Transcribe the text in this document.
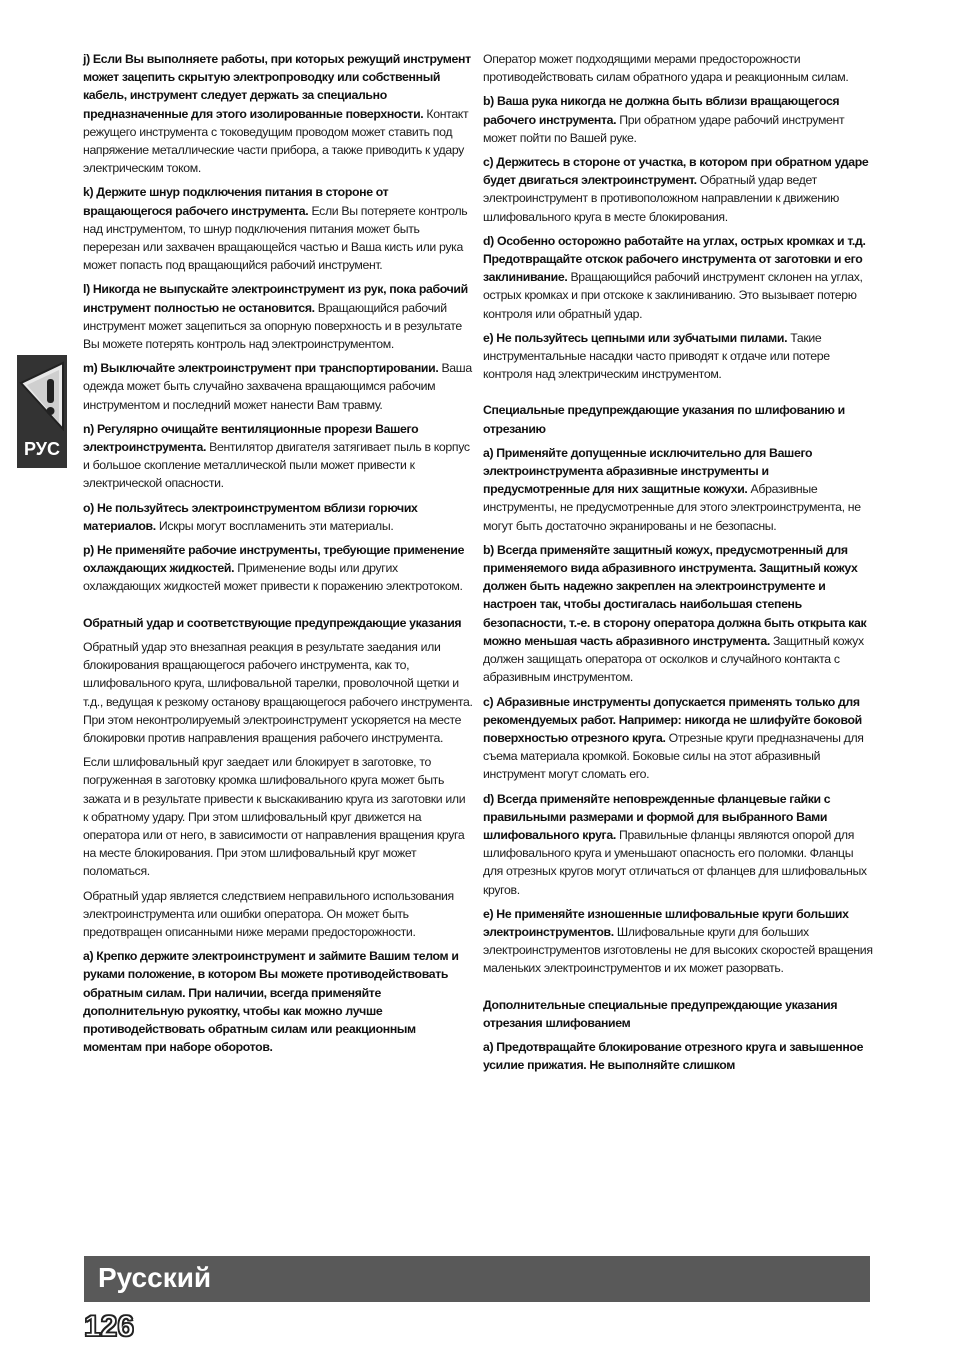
РУС
j) Если Вы выполняете работы, при которых режущий инструмент может зацепить скрытую электропроводку или собственный кабель, инструмент следует держать за специально предназначенные для этого изолированные поверхности. Контакт режущего инструмента с токоведущим проводом может ставить под напряжение металлические части прибора, а также приводить к удару электрическим током.
k) Держите шнур подключения питания в стороне от вращающегося рабочего инструмента. Если Вы потеряете контроль над инструментом, то шнур подключения питания может быть перерезан или захвачен вращающейся частью и Ваша кисть или рука может попасть под вращающийся рабочий инструмент.
l) Никогда не выпускайте электроинструмент из рук, пока рабочий инструмент полностью не остановится. Вращающийся рабочий инструмент может зацепиться за опорную поверхность и в результате Вы можете потерять контроль над электроинструментом.
m) Выключайте электроинструмент при транспортировании. Ваша одежда может быть случайно захвачена вращающимся рабочим инструментом и последний может нанести Вам травму.
n) Регулярно очищайте вентиляционные прорези Вашего электроинструмента. Вентилятор двигателя затягивает пыль в корпус и большое скопление металлической пыли может привести к электрической опасности.
o) Не пользуйтесь электроинструментом вблизи горючих материалов. Искры могут воспламенить эти материалы.
p) Не применяйте рабочие инструменты, требующие применение охлаждающих жидкостей. Применение воды или других охлаждающих жидкостей может привести к поражению электротоком.
Обратный удар и соответствующие предупреждающие указания
Обратный удар это внезапная реакция в результате заедания или блокирования вращающегося рабочего инструмента, как то, шлифовального круга, шлифовальной тарелки, проволочной щетки и т.д., ведущая к резкому останову вращающегося рабочего инструмента. При этом неконтролируемый электроинструмент ускоряется на месте блокировки против направления вращения рабочего инструмента.
Если шлифовальный круг заедает или блокирует в заготовке, то погруженная в заготовку кромка шлифовального круга может быть зажата и в результате привести к выскакиванию круга из заготовки или к обратному удару. При этом шлифовальный круг движется на оператора или от него, в зависимости от направления вращения круга на месте блокирования. При этом шлифовальный круг может поломаться.
Обратный удар является следствием неправильного использования электроинструмента или ошибки оператора. Он может быть предотвращен описанными ниже мерами предосторожности.
a) Крепко держите электроинструмент и займите Вашим телом и руками положение, в котором Вы можете противодействовать обратным силам. При наличии, всегда применяйте дополнительную рукоятку, чтобы как можно лучше противодействовать обратным силам или реакционным моментам при наборе оборотов.
Оператор может подходящими мерами предосторожности противодействовать силам обратного удара и реакционным силам.
b) Ваша рука никогда не должна быть вблизи вращающегося рабочего инструмента. При обратном ударе рабочий инструмент может пойти по Вашей руке.
c) Держитесь в стороне от участка, в котором при обратном ударе будет двигаться электроинструмент. Обратный удар ведет электроинструмент в противоположном направлении к движению шлифовального круга в месте блокирования.
d) Особенно осторожно работайте на углах, острых кромках и т.д. Предотвращайте отскок рабочего инструмента от заготовки и его заклинивание. Вращающийся рабочий инструмент склонен на углах, острых кромках и при отскоке к заклиниванию. Это вызывает потерю контроля или обратный удар.
e) Не пользуйтесь цепными или зубчатыми пилами. Такие инструментальные насадки часто приводят к отдаче или потере контроля над электрическим инструментом.
Специальные предупреждающие указания по шлифованию и отрезанию
a) Применяйте допущенные исключительно для Вашего электроинструмента абразивные инструменты и предусмотренные для них защитные кожухи. Абразивные инструменты, не предусмотренные для этого электроинструмента, не могут быть достаточно экранированы и не безопасны.
b) Всегда применяйте защитный кожух, предусмотренный для применяемого вида абразивного инструмента. Защитный кожух должен быть надежно закреплен на электроинструменте и настроен так, чтобы достигалась наибольшая степень безопасности, т.-е. в сторону оператора должна быть открыта как можно меньшая часть абразивного инструмента. Защитный кожух должен защищать оператора от осколков и случайного контакта с абразивным инструментом.
c) Абразивные инструменты допускается применять только для рекомендуемых работ. Например: никогда не шлифуйте боковой поверхностью отрезного круга. Отрезные круги предназначены для съема материала кромкой. Боковые силы на этот абразивный инструмент могут сломать его.
d) Всегда применяйте неповрежденные фланцевые гайки с правильными размерами и формой для выбранного Вами шлифовального круга. Правильные фланцы являются опорой для шлифовального круга и уменьшают опасность его поломки. Фланцы для отрезных кругов могут отличаться от фланцев для шлифовальных кругов.
e) Не применяйте изношенные шлифовальные круги больших электроинструментов. Шлифовальные круги для больших электроинструментов изготовлены не для высоких скоростей вращения маленьких электроинструментов и их может разорвать.
Дополнительные специальные предупреждающие указания отрезания шлифованием
a) Предотвращайте блокирование отрезного круга и завышенное усилие прижатия. Не выполняйте слишком
Русский
126
